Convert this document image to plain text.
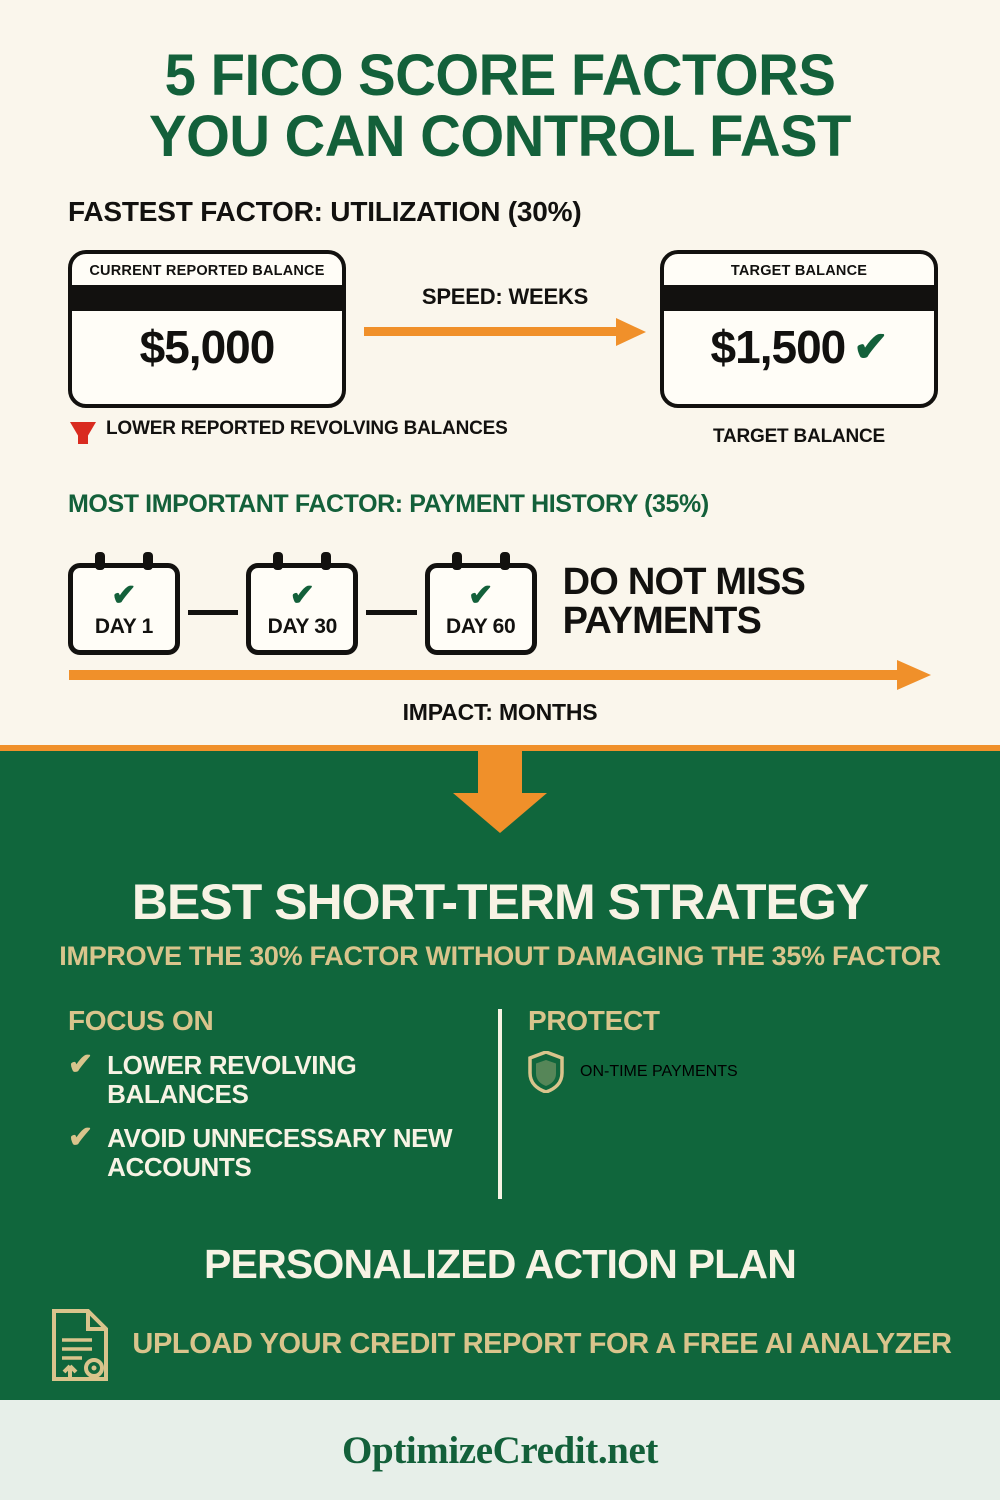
5 FICO SCORE FACTORS
YOU CAN CONTROL FAST
FASTEST FACTOR: UTILIZATION (30%)
CURRENT REPORTED BALANCE
$5,000
SPEED: WEEKS
TARGET BALANCE
$1,500 ✔
LOWER REPORTED REVOLVING BALANCES	TARGET BALANCE
MOST IMPORTANT FACTOR: PAYMENT HISTORY (35%)
✔
DAY 1
✔
DAY 30
✔
DAY 60
DO NOT MISS PAYMENTS
IMPACT: MONTHS
BEST SHORT-TERM STRATEGY
IMPROVE THE 30% FACTOR WITHOUT DAMAGING THE 35% FACTOR
FOCUS ON
✔ LOWER REVOLVING BALANCES
✔ AVOID UNNECESSARY NEW ACCOUNTS
PROTECT
ON-TIME PAYMENTS
PERSONALIZED ACTION PLAN
UPLOAD YOUR CREDIT REPORT FOR A FREE AI ANALYZER
OptimizeCredit.net
